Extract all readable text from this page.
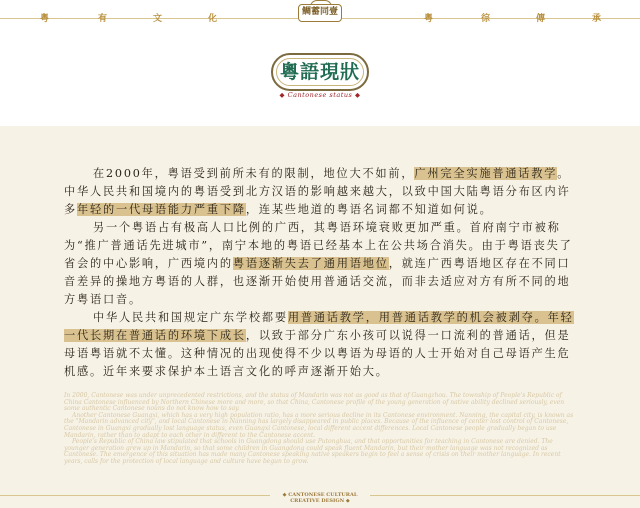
粤	有	文	化	粤	徖	傳	承
鲷蓄同壹
粵語現狀
◆ Cantonese status ◆

在2000年，粤语受到前所未有的限制，地位大不如前，广州完全实施普通话教学。中华人民共和国境内的粤语受到北方汉语的影响越来越大，以致中国大陆粤语分布区内许多年轻的一代母语能力严重下降，连某些地道的粤语名词都不知道如何说。

另一个粤语占有极高人口比例的广西，其粤语环境衰败更加严重。首府南宁市被称为“推广普通话先进城市”，南宁本地的粤语已经基本上在公共场合消失。由于粤语丧失了省会的中心影响，广西境内的粤语逐渐失去了通用语地位，就连广西粤语地区存在不同口音差异的操地方粤语的人群，也逐渐开始使用普通话交流，而非去适应对方有所不同的地方粤语口音。

中华人民共和国规定广东学校都要用普通话教学，用普通话教学的机会被剥夺。年轻一代长期在普通话的环境下成长，以致于部分广东小孩可以说得一口流利的普通话，但是母语粤语就不太懂。这种情况的出现使得不少以粤语为母语的人士开始对自己母语产生危机感。近年来要求保护本土语言文化的呼声逐渐开始大。

In 2000, Cantonese was under unprecedented restrictions, and the status of Mandarin was not as good as that of Guangzhou. The township of People's Republic of China Cantonese influenced by Northern Chinese more and more, so that China, Cantonese profile of the young generation of native ability declined seriously, even some authentic Cantonese nouns do not know how to say.

Another Cantonese Guangxi, which has a very high population ratio, has a more serious decline in its Cantonese environment. Nanning, the capital city, is known as the "Mandarin advanced city", and local Cantonese in Nanning has largely disappeared in public places. Because of the influence of center lost control of Cantonese, Cantonese in Guangxi gradually lost language status, even Guangxi Cantonese, local different accent differences. Local Cantonese people gradually began to use Mandarin, rather than to adapt to each other in different to the Cantonese accent.

People's Republic of China law stipulated that schools in Guangdong should use Putonghua, and that opportunities for teaching in Cantonese are denied. The younger generation grew up in Mandarin, so that some children in Guangdong could speak fluent Mandarin, but their mother language was not recognized as Cantonese. The emergence of this situation has made many Cantonese speaking native speakers begin to feel a sense of crisis on their mother language. In recent years, calls for the protection of local language and culture have begun to grow.

◆ CANTONESE CULTURAL CREATIVE DESIGN ◆
